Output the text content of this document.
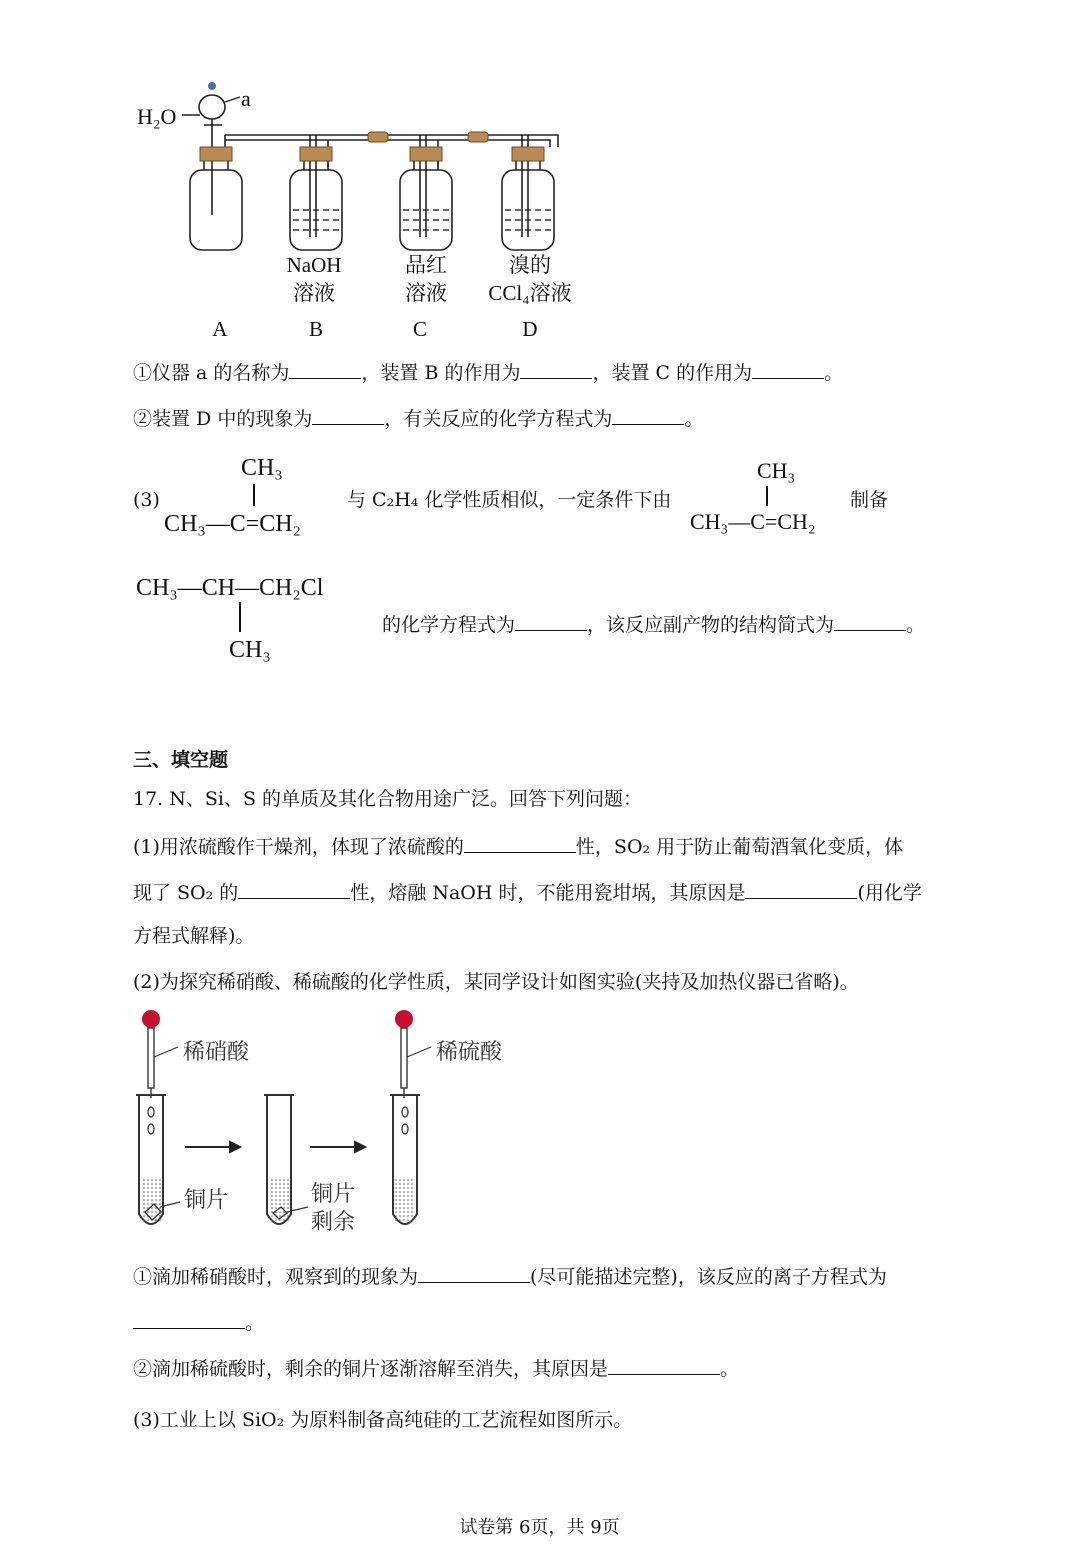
H₂O
a
NaOH
溶液
品红
溶液
溴的
CCl₄溶液
A	B	C	D
①仪器 a 的名称为	，装置 B 的作用为	，装置 C 的作用为	。
②装置 D 中的现象为	，有关反应的化学方程式为	。
(3)
CH₃
CH₃—C=CH₂
与 C₂H₄ 化学性质相似，一定条件下由
CH₃
CH₃—C=CH₂
制备
CH₃—CH—CH₂Cl
CH₃
的化学方程式为	，该反应副产物的结构简式为	。
三、填空题
17. N、Si、S 的单质及其化合物用途广泛。回答下列问题：
(1)用浓硫酸作干燥剂，体现了浓硫酸的	性，SO₂ 用于防止葡萄酒氧化变质，体
现了 SO₂ 的	性，熔融 NaOH 时，不能用瓷坩埚，其原因是	(用化学
方程式解释)。
(2)为探究稀硝酸、稀硫酸的化学性质，某同学设计如图实验(夹持及加热仪器已省略)。
稀硝酸	稀硫酸
铜片	铜片
剩余
①滴加稀硝酸时，观察到的现象为	(尽可能描述完整)，该反应的离子方程式为
。
②滴加稀硫酸时，剩余的铜片逐渐溶解至消失，其原因是	。
(3)工业上以 SiO₂ 为原料制备高纯硅的工艺流程如图所示。
试卷第 6页，共 9页
